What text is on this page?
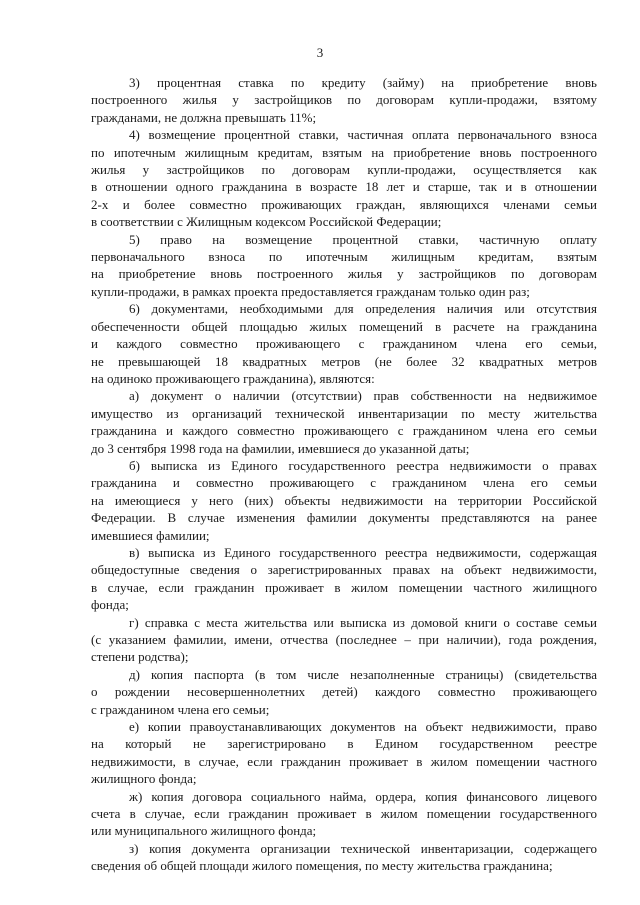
3

3) процентная ставка по кредиту (займу) на приобретение вновь
построенного жилья у застройщиков по договорам купли-продажи, взятому
гражданами, не должна превышать 11%;

4) возмещение процентной ставки, частичная оплата первоначального взноса
по ипотечным жилищным кредитам, взятым на приобретение вновь построенного
жилья у застройщиков по договорам купли-продажи, осуществляется как
в отношении одного гражданина в возрасте 18 лет и старше, так и в отношении
2-х и более совместно проживающих граждан, являющихся членами семьи
в соответствии с Жилищным кодексом Российской Федерации;

5) право на возмещение процентной ставки, частичную оплату
первоначального взноса по ипотечным жилищным кредитам, взятым
на приобретение вновь построенного жилья у застройщиков по договорам
купли-продажи, в рамках проекта предоставляется гражданам только один раз;

6) документами, необходимыми для определения наличия или отсутствия
обеспеченности общей площадью жилых помещений в расчете на гражданина
и каждого совместно проживающего с гражданином члена его семьи,
не превышающей 18 квадратных метров (не более 32 квадратных метров
на одиноко проживающего гражданина), являются:

а) документ о наличии (отсутствии) прав собственности на недвижимое
имущество из организаций технической инвентаризации по месту жительства
гражданина и каждого совместно проживающего с гражданином члена его семьи
до 3 сентября 1998 года на фамилии, имевшиеся до указанной даты;

б) выписка из Единого государственного реестра недвижимости о правах
гражданина и совместно проживающего с гражданином члена его семьи
на имеющиеся у него (них) объекты недвижимости на территории Российской
Федерации. В случае изменения фамилии документы представляются на ранее
имевшиеся фамилии;

в) выписка из Единого государственного реестра недвижимости, содержащая
общедоступные сведения о зарегистрированных правах на объект недвижимости,
в случае, если гражданин проживает в жилом помещении частного жилищного
фонда;

г) справка с места жительства или выписка из домовой книги о составе семьи
(с указанием фамилии, имени, отчества (последнее – при наличии), года рождения,
степени родства);

д) копия паспорта (в том числе незаполненные страницы) (свидетельства
о рождении несовершеннолетних детей) каждого совместно проживающего
с гражданином члена его семьи;

е) копии правоустанавливающих документов на объект недвижимости, право
на который не зарегистрировано в Едином государственном реестре
недвижимости, в случае, если гражданин проживает в жилом помещении частного
жилищного фонда;

ж) копия договора социального найма, ордера, копия финансового лицевого
счета в случае, если гражданин проживает в жилом помещении государственного
или муниципального жилищного фонда;

з) копия документа организации технической инвентаризации, содержащего
сведения об общей площади жилого помещения, по месту жительства гражданина;
